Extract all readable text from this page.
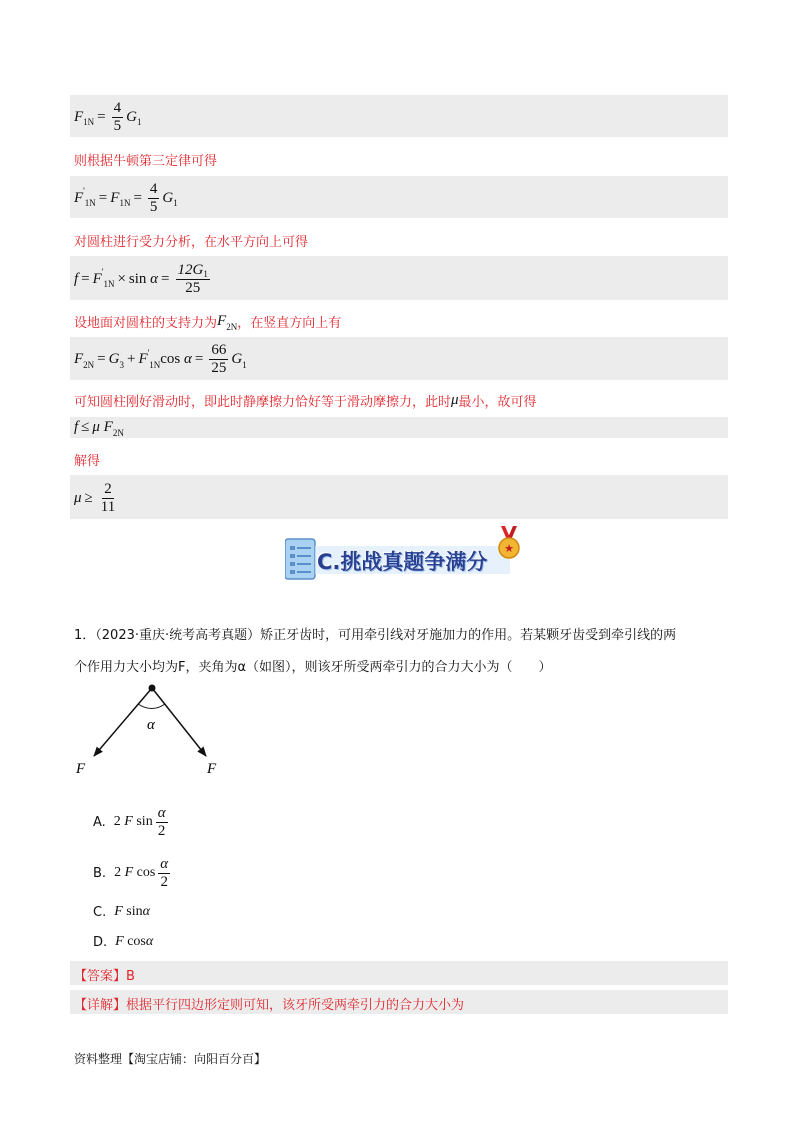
F $1N = \frac{4}{5}$ G 1
则根据牛顿第三定律可得
F '
1N = F $1N = \frac{4}{5}$ G 1
对圆柱进行受力分析，在水平方向上可得
f = F '
$1N \times \sin \alpha = \frac{12G_1}{25}$
设地面对圆柱的支持力为 $F_{2N}$ ，在竖直方向上有
F 2N = G 3 + F '
1N $\cos \alpha = \frac{66}{25}$ G 1
可知圆柱刚好滑动时，即此时静摩擦力恰好等于滑动摩擦力，此时 μ 最小，故可得
f ≤ μ F 2N
解得
$\mu \ge \frac{2}{11}$
C.挑战真题争满分
★
1．（2023·重庆·统考高考真题）矫正牙齿时，可用牵引线对牙施加力的作用。若某颗牙齿受到牵引线的两
个作用力大小均为F，夹角为α（如图），则该牙所受两牵引力的合力大小为（　　）
α
F	F
A. 2 F $\sin \frac{\alpha}{2}$
B. 2 F $\cos \frac{\alpha}{2}$
C. F sin α
D. F cos α
【答案】B
【详解】根据平行四边形定则可知，该牙所受两牵引力的合力大小为
资料整理【淘宝店铺：向阳百分百】
